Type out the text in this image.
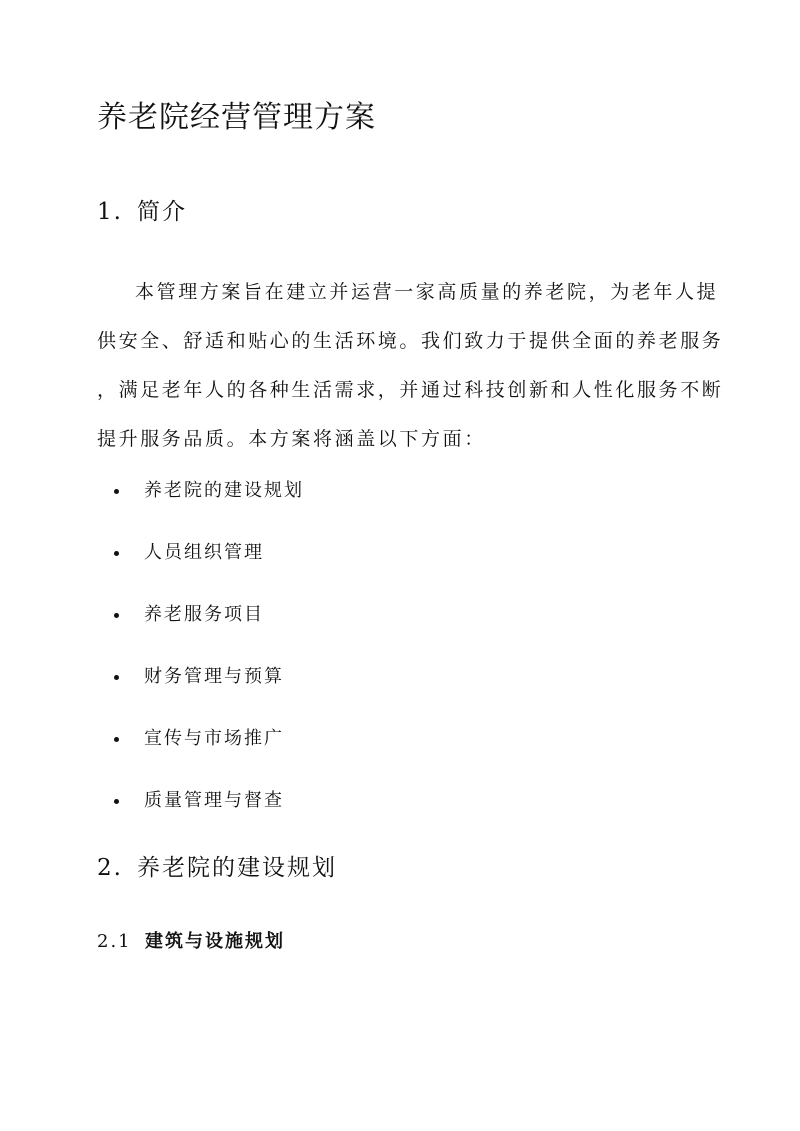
养老院经营管理方案
1. 简介
本管理方案旨在建立并运营一家高质量的养老院，为老年人提
供安全、舒适和贴心的生活环境。我们致力于提供全面的养老服务
，满足老年人的各种生活需求，并通过科技创新和人性化服务不断
提升服务品质。本方案将涵盖以下方面：
养老院的建设规划
人员组织管理
养老服务项目
财务管理与预算
宣传与市场推广
质量管理与督查
2. 养老院的建设规划
2.1 建筑与设施规划
